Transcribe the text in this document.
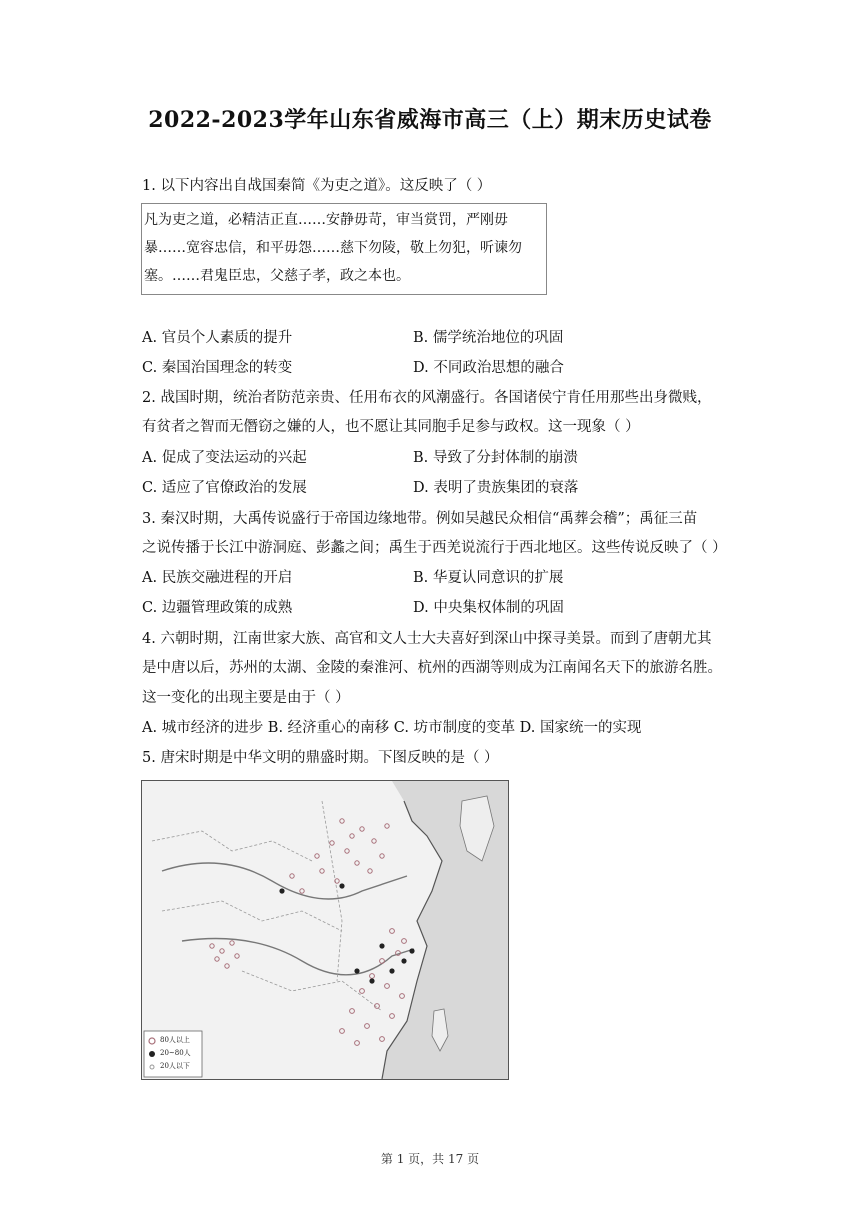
2022-2023学年山东省威海市高三（上）期末历史试卷
1. 以下内容出自战国秦简《为吏之道》。这反映了（ ）
凡为吏之道，必精洁正直……安静毋苛，审当赏罚，严刚毋
暴……宽容忠信，和平毋怨……慈下勿陵，敬上勿犯，听谏勿
塞。……君鬼臣忠，父慈子孝，政之本也。
A. 官员个人素质的提升	B. 儒学统治地位的巩固
C. 秦国治国理念的转变	D. 不同政治思想的融合
2. 战国时期，统治者防范亲贵、任用布衣的风潮盛行。各国诸侯宁肯任用那些出身微贱，
有贫者之智而无僭窃之嫌的人，也不愿让其同胞手足参与政权。这一现象（ ）
A. 促成了变法运动的兴起	B. 导致了分封体制的崩溃
C. 适应了官僚政治的发展	D. 表明了贵族集团的衰落
3. 秦汉时期，大禹传说盛行于帝国边缘地带。例如吴越民众相信“禹葬会稽”；禹征三苗
之说传播于长江中游洞庭、彭蠡之间；禹生于西羌说流行于西北地区。这些传说反映了（ ）
A. 民族交融进程的开启	B. 华夏认同意识的扩展
C. 边疆管理政策的成熟	D. 中央集权体制的巩固
4. 六朝时期，江南世家大族、高官和文人士大夫喜好到深山中探寻美景。而到了唐朝尤其
是中唐以后，苏州的太湖、金陵的秦淮河、杭州的西湖等则成为江南闻名天下的旅游名胜。
这一变化的出现主要是由于（ ）
A. 城市经济的进步 B. 经济重心的南移 C. 坊市制度的变革 D. 国家统一的实现
5. 唐宋时期是中华文明的鼎盛时期。下图反映的是（ ）
80人以上
20~80人
20人以下
第 1 页，共 17 页
